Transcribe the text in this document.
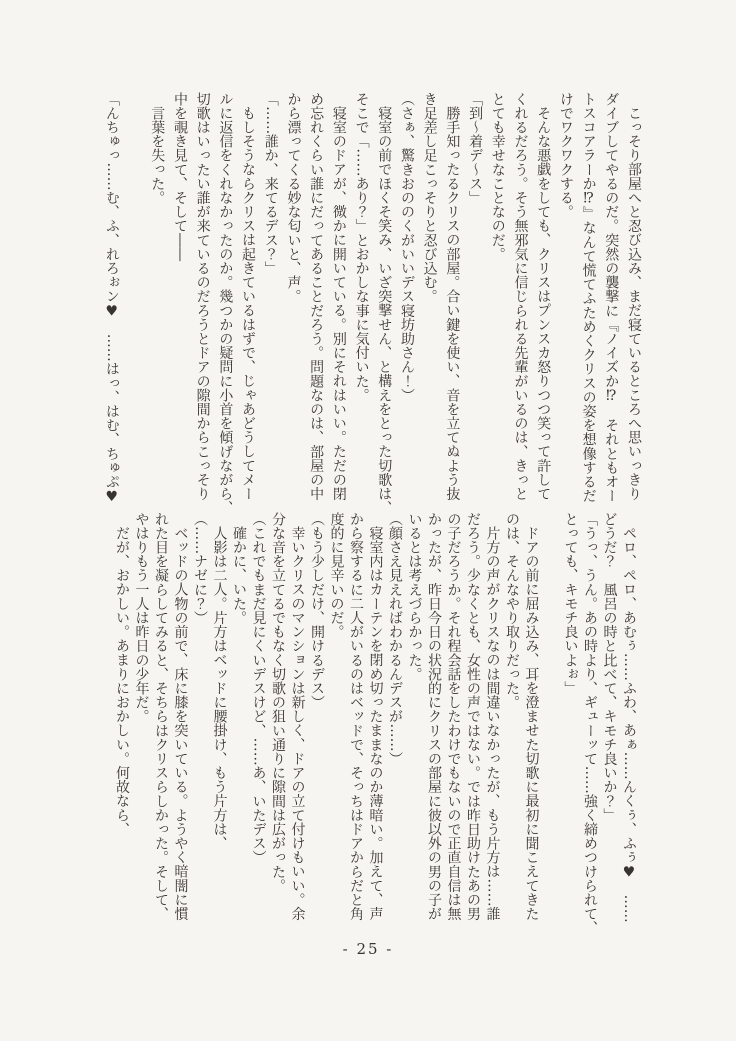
こっそり部屋へと忍び込み、まだ寝ているところへ思いっきり
ダイブしてやるのだ。突然の襲撃に『ノイズか⁉　それともオー
トスコアラーか⁉』なんて慌てふためくクリスの姿を想像するだ
けでワクワクする。
そんな悪戯をしても、クリスはプンスカ怒りつつ笑って許して
くれるだろう。そう無邪気に信じられる先輩がいるのは、きっと
とても幸せなことなのだ。
「到〜着デ〜ス」
勝手知ったるクリスの部屋。合い鍵を使い、音を立てぬよう抜
き足差し足こっそりと忍び込む。
（さぁ、驚きおののくがいいデス寝坊助さん！）
寝室の前でほくそ笑み、いざ突撃せん、と構えをとった切歌は、
そこで「……あり？」とおかしな事に気付いた。
寝室のドアが、微かに開いている。別にそれはいい。ただの閉
め忘れくらい誰にだってあることだろう。問題なのは、部屋の中
から漂ってくる妙な匂いと、声。
「……誰か、来てるデス？」
もしそうならクリスは起きているはずで、じゃあどうしてメー
ルに返信をくれなかったのか。幾つかの疑問に小首を傾げながら、
切歌はいったい誰が来ているのだろうとドアの隙間からこっそり
中を覗き見て、そして――
言葉を失った。

「んちゅっ……む、ふ、れろぉン♥　……はっ、はむ、ちゅぷ♥
ペロ、ペロ、あむぅ……ふわ、あぁ……んくぅ、ふぅ♥　……
どうだ？　風呂の時と比べて、キモチ良いか？」
「うっ、うん。あの時より、ギューッて……強く締めつけられて、
とっても、キモチ良いよぉ」

ドアの前に屈み込み、耳を澄ませた切歌に最初に聞こえてきた
のは、そんなやり取りだった。
片方の声がクリスなのは間違いなかったが、もう片方は……誰
だろう。少なくとも、女性の声ではない。では昨日助けたあの男
の子だろうか。それ程会話をしたわけでもないので正直自信は無
かったが、昨日今日の状況的にクリスの部屋に彼以外の男の子が
いるとは考えづらかった。
（顔さえ見えればわかるんデスが……）
寝室内はカーテンを閉め切ったままなのか薄暗い。加えて、声
から察するに二人がいるのはベッドで、そっちはドアからだと角
度的に見辛いのだ。
（もう少しだけ、開けるデス）
幸いクリスのマンションは新しく、ドアの立て付けもいい。余
分な音を立てるでもなく切歌の狙い通りに隙間は広がった。
（これでもまだ見にくいデスけど、……あ、いたデス）
確かに、いた。
人影は二人。片方はベッドに腰掛け、もう片方は、
（……ナゼに？）
ベッドの人物の前で、床に膝を突いている。ようやく暗闇に慣
れた目を凝らしてみると、そちらはクリスらしかった。そして、
やはりもう一人は昨日の少年だ。
だが、おかしい。あまりにおかしい。何故なら、
- 25 -
